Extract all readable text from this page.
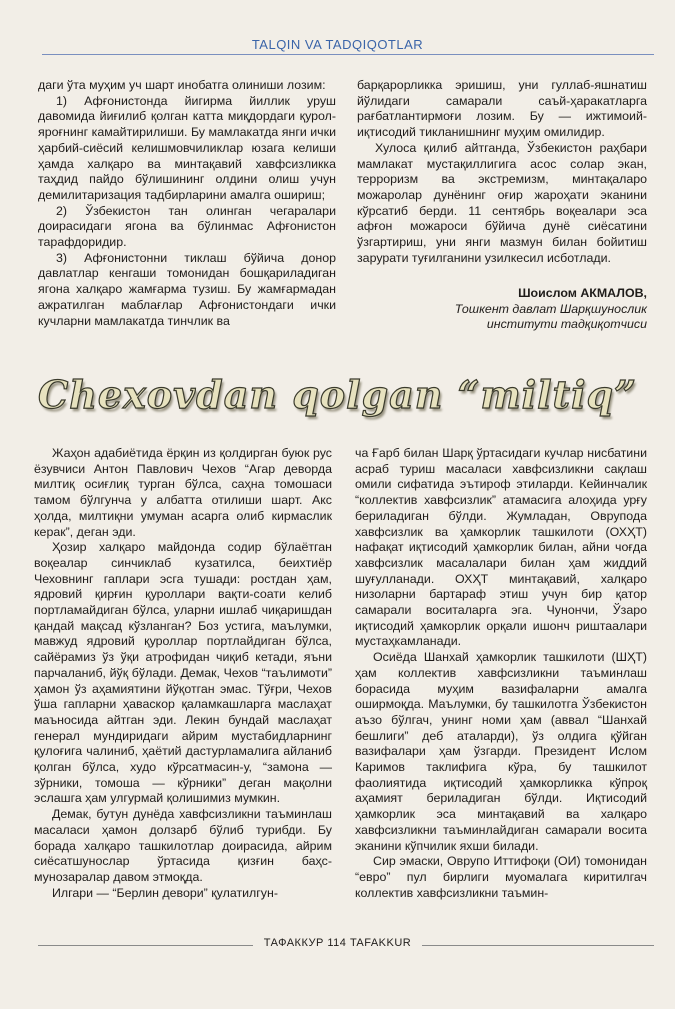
TALQIN VA TADQIQOTLAR

даги ўта муҳим уч шарт инобатга олиниши лозим:

1) Афғонистонда йигирма йиллик уруш давомида йиғилиб қолган катта миқдордаги қурол-яроғнинг камайтирилиши. Бу мамлакатда янги ички ҳарбий-сиёсий келишмовчиликлар юзага келиши ҳамда халқаро ва минтақавий хавфсизликка таҳдид пайдо бўлишининг олдини олиш учун демилитаризация тадбирларини амалга ошириш;

2) Ўзбекистон тан олинган чегаралари доирасидаги ягона ва бўлинмас Афғонистон тарафдоридир.

3) Афғонистонни тиклаш бўйича донор давлатлар кенгаши томонидан бошқариладиган ягона халқаро жамғарма тузиш. Бу жамғармадан ажратилган маблағлар Афғонистондаги ички кучларни мамлакатда тинчлик ва

барқарорликка эришиш, уни гуллаб-яшнатиш йўлидаги самарали саъй-ҳаракатларга рағбатлантирмоғи лозим. Бу — ижтимоий-иқтисодий тикланишнинг муҳим омилидир.

Хулоса қилиб айтганда, Ўзбекистон раҳбари мамлакат мустақиллигига асос солар экан, терроризм ва экстремизм, минтақаларо можаролар дунёнинг оғир жароҳати эканини кўрсатиб берди. 11 сентябрь воқеалари эса афғон можароси бўйича дунё сиёсатини ўзгартириш, уни янги мазмун билан бойитиш зарурати туғилганини узилкесил исботлади.

Шоислом АКМАЛОВ,
Тошкент давлат Шарқшунослик
институти тадқиқотчиси
Chexovdan qolgan “miltiq”

Жаҳон адабиётида ёрқин из қолдирган буюк рус ёзувчиси Антон Павлович Чехов “Агар деворда милтиқ осиғлиқ турган бўлса, саҳна томошаси тамом бўлгунча у албатта отилиши шарт. Акс ҳолда, милтиқни умуман асарга олиб кирмаслик керак”, деган эди.

Ҳозир халқаро майдонда содир бўлаётган воқеалар синчиклаб кузатилса, беихтиёр Чеховнинг гаплари эсга тушади: ростдан ҳам, ядровий қирғин қуроллари вақти-соати келиб портламайдиган бўлса, уларни ишлаб чиқаришдан қандай мақсад кўзланган? Боз устига, маълумки, мавжуд ядровий қуроллар портлайдиган бўлса, сайёрамиз ўз ўқи атрофидан чиқиб кетади, яъни парчаланиб, йўқ бўлади. Демак, Чехов “таълимоти” ҳамон ўз аҳамиятини йўқотган эмас. Тўғри, Чехов ўша гапларни ҳаваскор қаламкашларга маслаҳат маъносида айтган эди. Лекин бундай маслаҳат генерал мундиридаги айрим мустабидларнинг қулоғига чалиниб, ҳаётий дастурламалига айланиб қолган бўлса, худо кўрсатмасин-у, “замона — зўрники, томоша — кўрники” деган мақолни эслашга ҳам улгурмай қолишимиз мумкин.

Демак, бутун дунёда хавфсизликни таъминлаш масаласи ҳамон долзарб бўлиб турибди. Бу борада халқаро ташкилотлар доирасида, айрим сиёсатшунослар ўртасида қизғин баҳс-мунозаралар давом этмоқда.

Илгари — “Берлин девори” қулатилгун-

ча Ғарб билан Шарқ ўртасидаги кучлар нисбатини асраб туриш масаласи хавфсизликни сақлаш омили сифатида эътироф этиларди. Кейинчалик “коллектив хавфсизлик” атамасига алоҳида урғу бериладиган бўлди. Жумладан, Оврупода хавфсизлик ва ҳамкорлик ташкилоти (ОХҲТ) нафақат иқтисодий ҳамкорлик билан, айни чоғда хавфсизлик масалалари билан ҳам жиддий шуғулланади. ОХҲТ минтақавий, халқаро низоларни бартараф этиш учун бир қатор самарали воситаларга эга. Чунончи, Ўзаро иқтисодий ҳамкорлик орқали ишонч риштаалари мустаҳкамланади.

Осиёда Шанхай ҳамкорлик ташкилоти (ШҲТ) ҳам коллектив хавфсизликни таъминлаш борасида муҳим вазифаларни амалга оширмоқда. Маълумки, бу ташкилотга Ўзбекистон аъзо бўлгач, унинг номи ҳам (аввал “Шанхай бешлиги” деб аталарди), ўз олдига қўйган вазифалари ҳам ўзгарди. Президент Ислом Каримов таклифига кўра, бу ташкилот фаолиятида иқтисодий ҳамкорликка кўпроқ аҳамият бериладиган бўлди. Иқтисодий ҳамкорлик эса минтақавий ва халқаро хавфсизликни таъминлайдиган самарали восита эканини кўпчилик яхши билади.

Сир эмаски, Оврупо Иттифоқи (ОИ) томонидан “евро” пул бирлиги муомалага киритилгач коллектив хавфсизликни таъмин-

ТАФАККУР 114 TAFAKKUR
